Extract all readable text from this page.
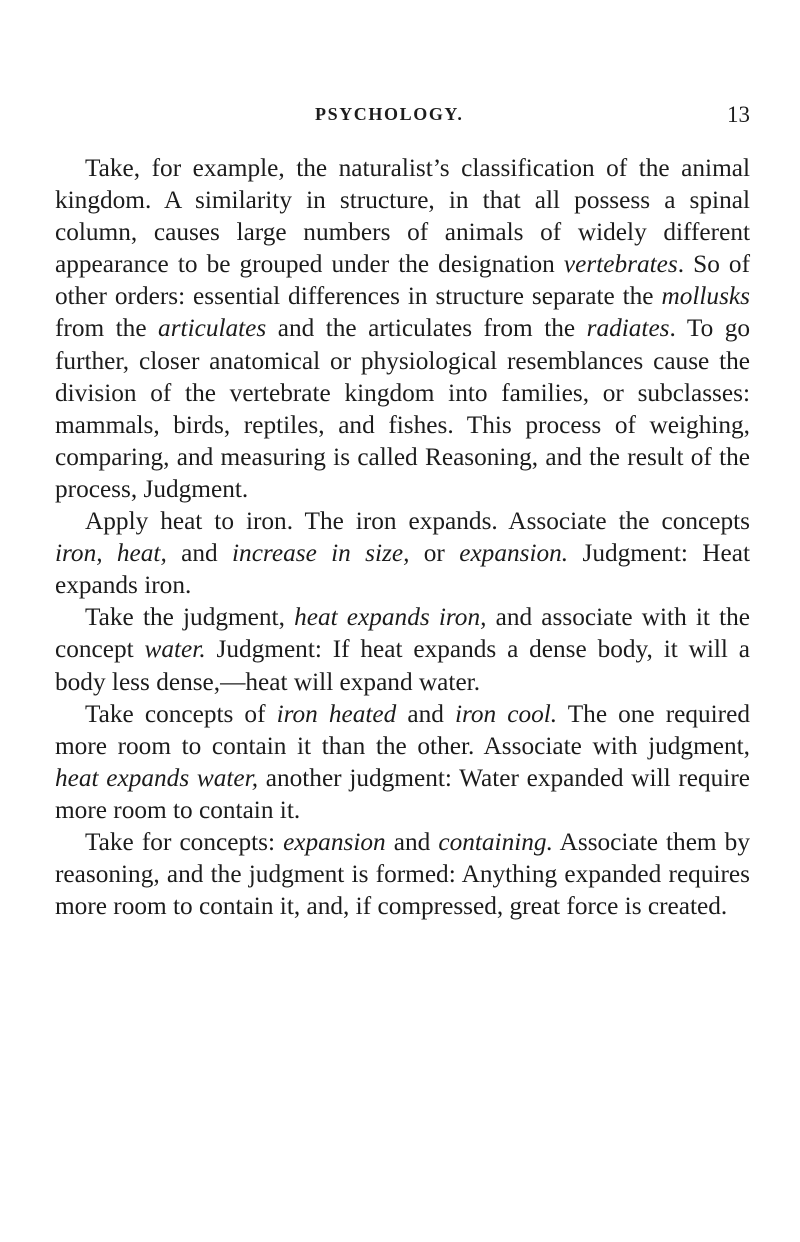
PSYCHOLOGY.	13

Take, for example, the naturalist’s classification of the animal kingdom. A similarity in structure, in that all possess a spinal column, causes large numbers of animals of widely different appearance to be grouped under the designation vertebrates. So of other orders: essential differences in structure separate the mollusks from the articulates and the articulates from the radiates. To go further, closer anatomical or physiological resemblances cause the division of the vertebrate kingdom into families, or subclasses: mammals, birds, reptiles, and fishes. This process of weighing, comparing, and measuring is called Reasoning, and the result of the process, Judgment.

Apply heat to iron. The iron expands. Associate the concepts iron, heat, and increase in size, or expansion. Judgment: Heat expands iron.

Take the judgment, heat expands iron, and associate with it the concept water. Judgment: If heat expands a dense body, it will a body less dense,—heat will expand water.

Take concepts of iron heated and iron cool. The one required more room to contain it than the other. Associate with judgment, heat expands water, another judgment: Water expanded will require more room to contain it.

Take for concepts: expansion and containing. Associate them by reasoning, and the judgment is formed: Anything expanded requires more room to contain it, and, if compressed, great force is created.
